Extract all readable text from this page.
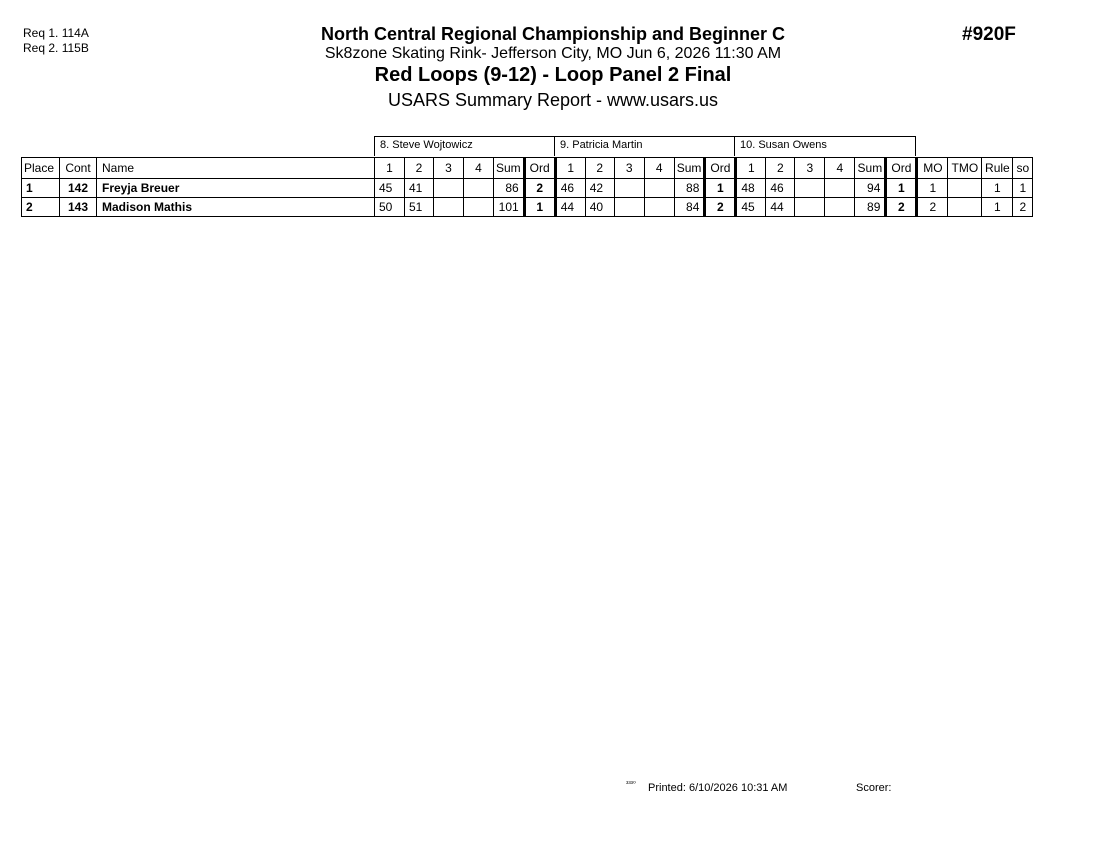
Req 1. 114A
Req 2. 115B
#920F
North Central Regional Championship and Beginner C
Sk8zone Skating Rink- Jefferson City, MO Jun 6, 2026 11:30 AM
Red Loops (9-12) - Loop Panel 2 Final
USARS Summary Report - www.usars.us
8. Steve Wojtowicz	9. Patricia Martin	10. Susan Owens
Place	Cont	Name	1	2	3	4	Sum	Ord	1	2	3	4	Sum	Ord	1	2	3	4	Sum	Ord	MO	TMO	Rule	so
1	142	Freyja Breuer	45	41			86	2	46	42			88	1	48	46			94	1	1		1	1
2	143	Madison Mathis	50	51			101	1	44	40			84	2	45	44			89	2	2		1	2
³³³⁰ Printed: 6/10/2026 10:31 AM	Scorer:
